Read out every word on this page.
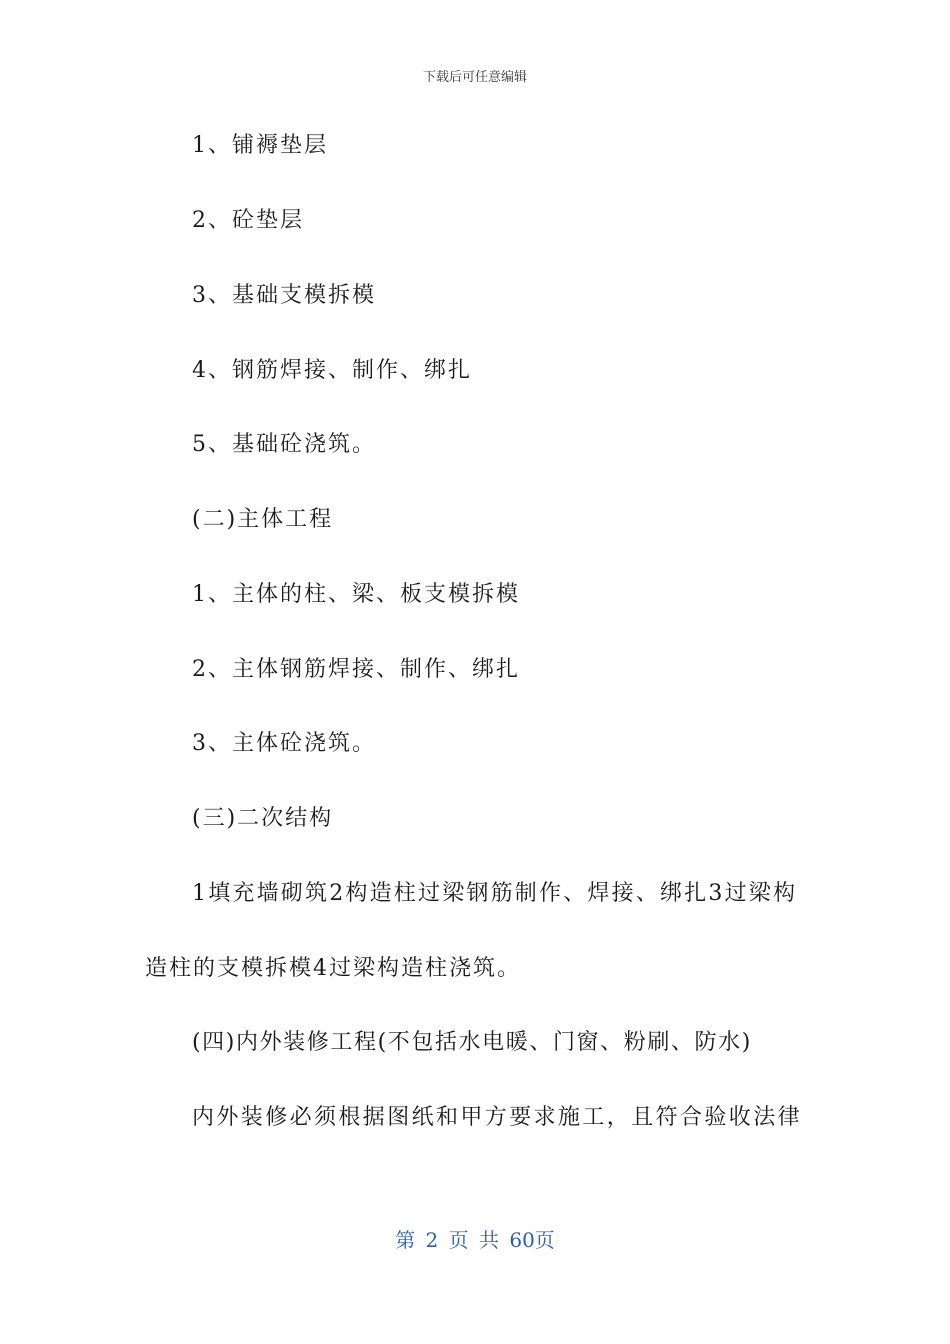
下载后可任意编辑
1、铺褥垫层
2、砼垫层
3、基础支模拆模
4、钢筋焊接、制作、绑扎
5、基础砼浇筑。
(二)主体工程
1、主体的柱、梁、板支模拆模
2、主体钢筋焊接、制作、绑扎
3、主体砼浇筑。
(三)二次结构
1填充墙砌筑2构造柱过梁钢筋制作、焊接、绑扎3过梁构
造柱的支模拆模4过梁构造柱浇筑。
(四)内外装修工程(不包括水电暖、门窗、粉刷、防水)
内外装修必须根据图纸和甲方要求施工，且符合验收法律
第 2 页 共 60页
